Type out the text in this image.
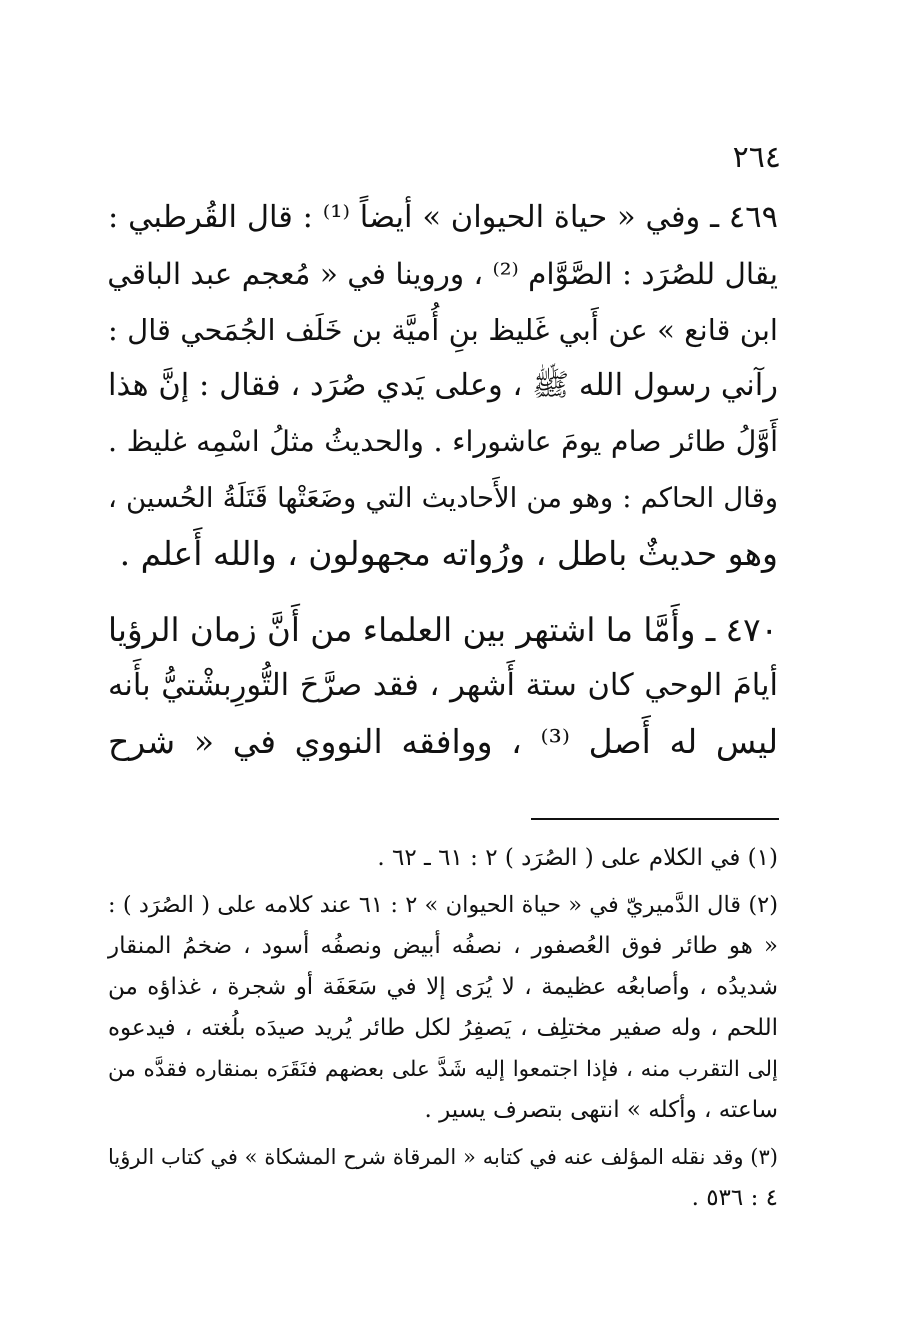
٢٦٤
٤٦٩ ـ وفي « حياة الحيوان » أيضاً ⁽¹⁾ : قال القُرطبي :
يقال للصُرَد : الصَّوَّام ⁽²⁾ ، وروينا في « مُعجم عبد الباقي
ابن قانع » عن أَبي غَليظ بنِ أُميَّة بن خَلَف الجُمَحي قال :
رآني رسول الله ﷺ ، وعلى يَدي صُرَد ، فقال : إنَّ هذا
أَوَّلُ طائر صام يومَ عاشوراء . والحديثُ مثلُ اسْمِه غليظ .
وقال الحاكم : وهو من الأَحاديث التي وضَعَتْها قَتَلَةُ الحُسين ،
وهو حديثٌ باطل ، ورُواته مجهولون ، والله أَعلم .
٤٧٠ ـ وأَمَّا ما اشتهر بين العلماء من أَنَّ زمان الرؤيا
أيامَ الوحي كان ستة أَشهر ، فقد صرَّحَ التُّورِبشْتيُّ بأَنه
ليس له أَصل ⁽³⁾ ، ووافقه النووي في « شرح
(١) في الكلام على ( الصُرَد ) ٢ : ٦١ ـ ٦٢ .
(٢) قال الدَّميريّ في « حياة الحيوان » ٢ : ٦١ عند كلامه على ( الصُرَد ) :
« هو طائر فوق العُصفور ، نصفُه أبيض ونصفُه أسود ، ضخمُ المنقار
شديدُه ، وأصابعُه عظيمة ، لا يُرَى إلا في سَعَفَة أو شجرة ، غذاؤه من
اللحم ، وله صفير مختلِف ، يَصفِرُ لكل طائر يُريد صيدَه بلُغته ، فيدعوه
إلى التقرب منه ، فإذا اجتمعوا إليه شَدَّ على بعضهم فنَقَرَه بمنقاره فقدَّه من
ساعته ، وأكله » انتهى بتصرف يسير .
(٣) وقد نقله المؤلف عنه في كتابه « المرقاة شرح المشكاة » في كتاب الرؤيا
٤ : ٥٣٦ .
